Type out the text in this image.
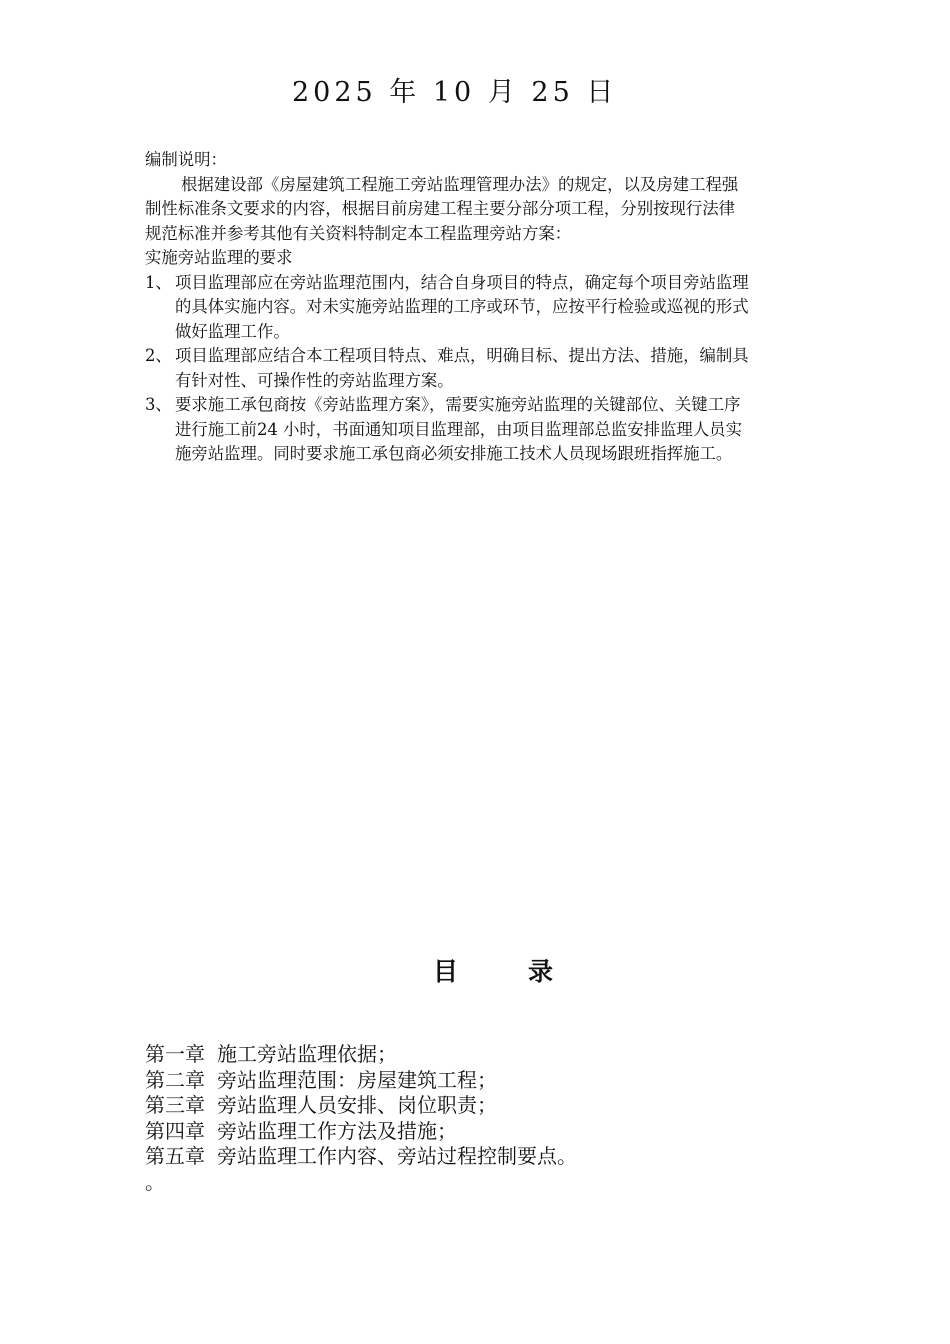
2025 年 10 月 25 日
编制说明：
根据建设部《房屋建筑工程施工旁站监理管理办法》的规定，以及房建工程强
制性标准条文要求的内容，根据目前房建工程主要分部分项工程，分别按现行法律
规范标准并参考其他有关资料特制定本工程监理旁站方案：
实施旁站监理的要求
1、 项目监理部应在旁站监理范围内，结合自身项目的特点，确定每个项目旁站监理
的具体实施内容。对未实施旁站监理的工序或环节，应按平行检验或巡视的形式
做好监理工作。
2、 项目监理部应结合本工程项目特点、难点，明确目标、提出方法、措施，编制具
有针对性、可操作性的旁站监理方案。
3、 要求施工承包商按《旁站监理方案》，需要实施旁站监理的关键部位、关键工序
进行施工前24 小时，书面通知项目监理部，由项目监理部总监安排监理人员实
施旁站监理。同时要求施工承包商必须安排施工技术人员现场跟班指挥施工。
目录
第一章 施工旁站监理依据；
第二章 旁站监理范围：房屋建筑工程；
第三章 旁站监理人员安排、岗位职责；
第四章 旁站监理工作方法及措施；
第五章 旁站监理工作内容、旁站过程控制要点。
。
